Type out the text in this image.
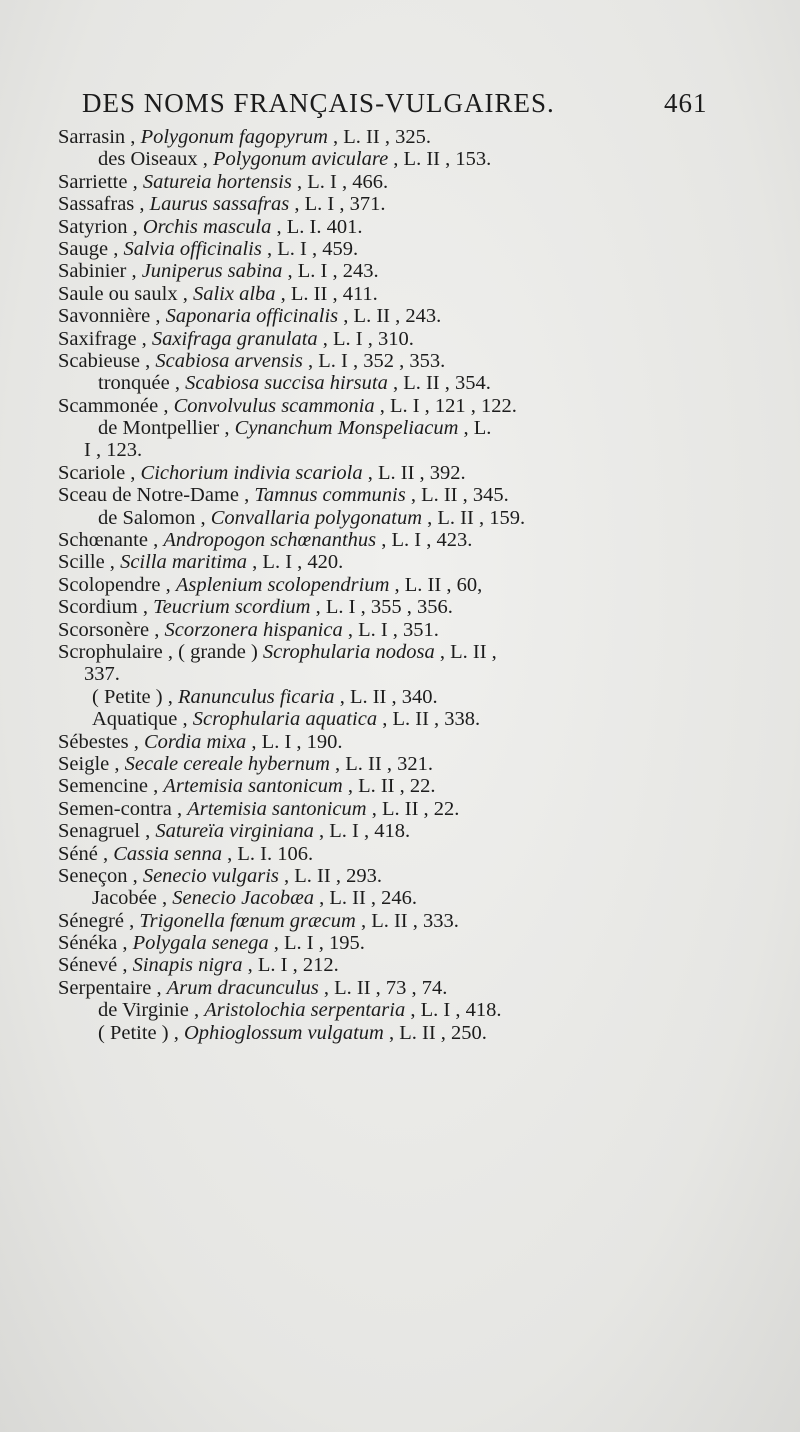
DES NOMS FRANÇAIS-VULGAIRES.	461
Sarrasin , Polygonum fagopyrum , L. II , 325.
des Oiseaux , Polygonum aviculare , L. II , 153.
Sarriette , Satureia hortensis , L. I , 466.
Sassafras , Laurus sassafras , L. I , 371.
Satyrion , Orchis mascula , L. I. 401.
Sauge , Salvia officinalis , L. I , 459.
Sabinier , Juniperus sabina , L. I , 243.
Saule ou saulx , Salix alba , L. II , 411.
Savonnière , Saponaria officinalis , L. II , 243.
Saxifrage , Saxifraga granulata , L. I , 310.
Scabieuse , Scabiosa arvensis , L. I , 352 , 353.
tronquée , Scabiosa succisa hirsuta , L. II , 354.
Scammonée , Convolvulus scammonia , L. I , 121 , 122.
de Montpellier , Cynanchum Monspeliacum , L.
I , 123.
Scariole , Cichorium indivia scariola , L. II , 392.
Sceau de Notre-Dame , Tamnus communis , L. II , 345.
de Salomon , Convallaria polygonatum , L. II , 159.
Schœnante , Andropogon schœnanthus , L. I , 423.
Scille , Scilla maritima , L. I , 420.
Scolopendre , Asplenium scolopendrium , L. II , 60,
Scordium , Teucrium scordium , L. I , 355 , 356.
Scorsonère , Scorzonera hispanica , L. I , 351.
Scrophulaire , ( grande ) Scrophularia nodosa , L. II ,
337.
( Petite ) , Ranunculus ficaria , L. II , 340.
Aquatique , Scrophularia aquatica , L. II , 338.
Sébestes , Cordia mixa , L. I , 190.
Seigle , Secale cereale hybernum , L. II , 321.
Semencine , Artemisia santonicum , L. II , 22.
Semen-contra , Artemisia santonicum , L. II , 22.
Senagruel , Satureïa virginiana , L. I , 418.
Séné , Cassia senna , L. I. 106.
Seneçon , Senecio vulgaris , L. II , 293.
Jacobée , Senecio Jacobæa , L. II , 246.
Sénegré , Trigonella fœnum græcum , L. II , 333.
Sénéka , Polygala senega , L. I , 195.
Sénevé , Sinapis nigra , L. I , 212.
Serpentaire , Arum dracunculus , L. II , 73 , 74.
de Virginie , Aristolochia serpentaria , L. I , 418.
( Petite ) , Ophioglossum vulgatum , L. II , 250.
